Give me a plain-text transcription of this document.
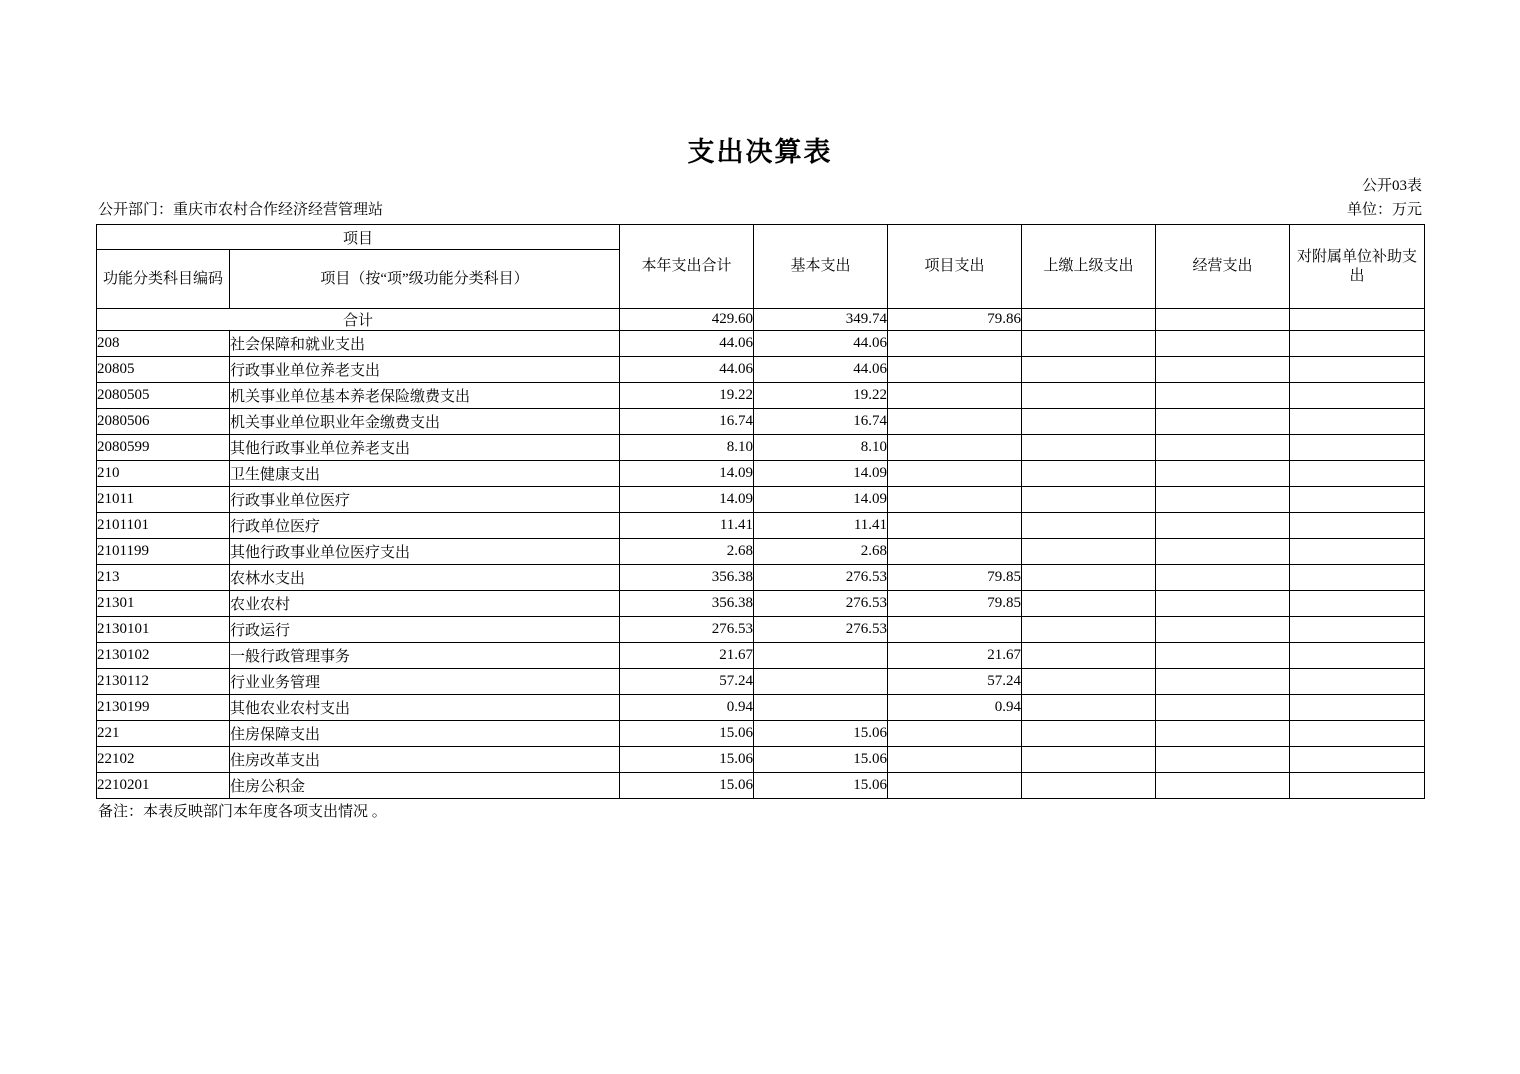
支出决算表
公开03表
公开部门：重庆市农村合作经济经营管理站	单位：万元
项目		本年支出合计	基本支出	项目支出	上缴上级支出	经营支出	对附属单位补助支出
功能分类科目编码	项目（按“项”级功能分类科目）						
合计		429.60	349.74	79.86			
208	社会保障和就业支出	44.06	44.06				
20805	行政事业单位养老支出	44.06	44.06				
2080505	机关事业单位基本养老保险缴费支出	19.22	19.22				
2080506	机关事业单位职业年金缴费支出	16.74	16.74				
2080599	其他行政事业单位养老支出	8.10	8.10				
210	卫生健康支出	14.09	14.09				
21011	行政事业单位医疗	14.09	14.09				
2101101	行政单位医疗	11.41	11.41				
2101199	其他行政事业单位医疗支出	2.68	2.68				
213	农林水支出	356.38	276.53	79.85			
21301	农业农村	356.38	276.53	79.85			
2130101	行政运行	276.53	276.53				
2130102	一般行政管理事务	21.67		21.67			
2130112	行业业务管理	57.24		57.24			
2130199	其他农业农村支出	0.94		0.94			
221	住房保障支出	15.06	15.06				
22102	住房改革支出	15.06	15.06				
2210201	住房公积金	15.06	15.06				
备注：本表反映部门本年度各项支出情况 。
